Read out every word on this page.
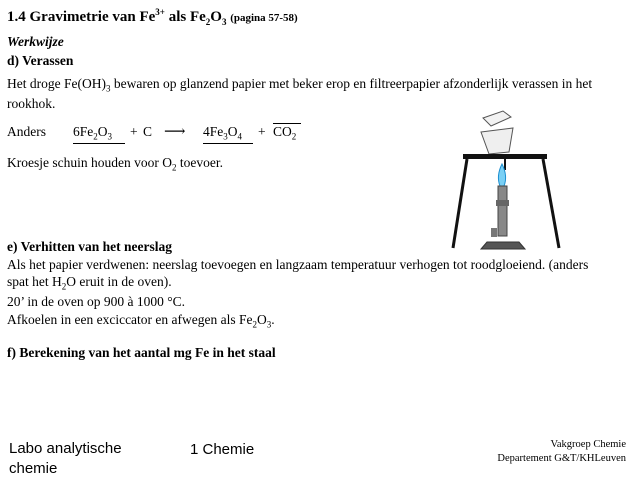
1.4 Gravimetrie van $Fe^{3+}$ als $Fe_2O_3$ (pagina 57-58)
Werkwijze
d) Verassen
Het droge $Fe(OH)_3$ bewaren op glanzend papier met beker erop en filtreerpapier afzonderlijk verassen in het
rookhok.
Anders $6Fe_2O_3 + C$ ⟶ $4Fe_3O_4 + CO_2$
Kroesje schuin houden voor $O_2$ toevoer.
e) Verhitten van het neerslag
Als het papier verdwenen: neerslag toevoegen en langzaam temperatuur verhogen tot roodgloeiend. (anders
spat het $H_2O$ eruit in de oven).
20’ in de oven op 900 à 1000 °C.
Afkoelen in een exciccator en afwegen als $Fe_2O_3$.
f) Berekening van het aantal mg Fe in het staal
Labo analytische
chemie
1 Chemie	Vakgroep Chemie
Departement G&T/KHLeuven
